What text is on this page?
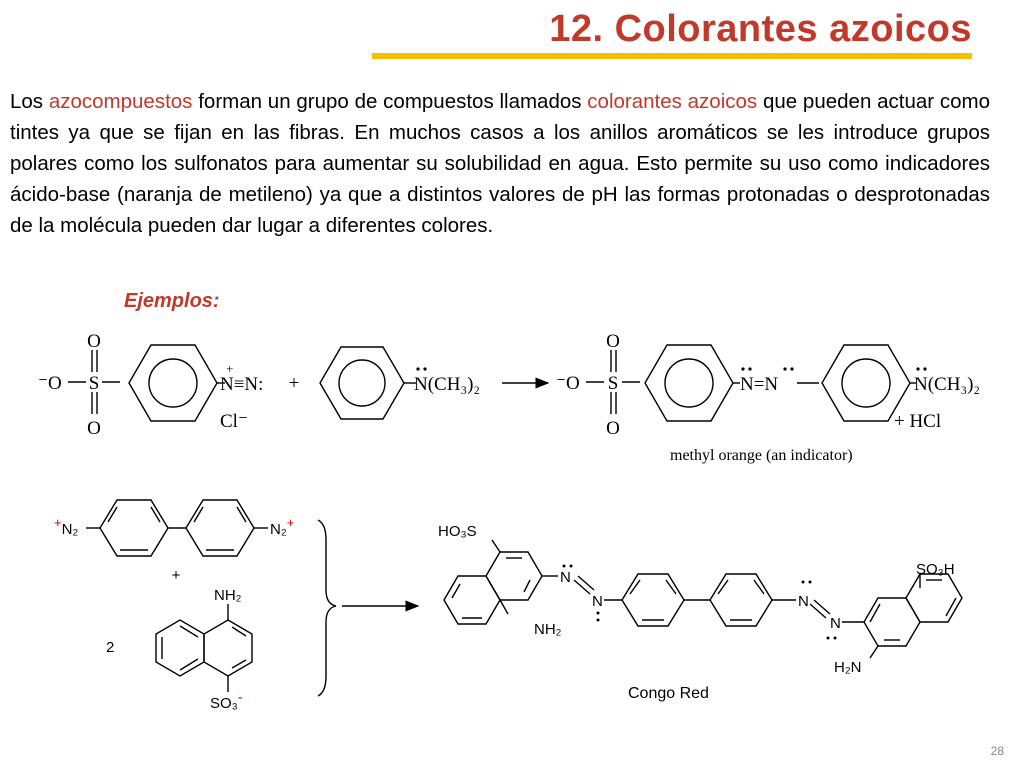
12. Colorantes azoicos
Los azocompuestos forman un grupo de compuestos llamados colorantes azoicos que pueden actuar como tintes ya que se fijan en las fibras. En muchos casos a los anillos aromáticos se les introduce grupos polares como los sulfonatos para aumentar su solubilidad en agua. Esto permite su uso como indicadores ácido-base (naranja de metileno) ya que a distintos valores de pH las formas protonadas o desprotonadas de la molécula pueden dar lugar a diferentes colores.
Ejemplos:
O
O
⁻O S
+
N≡N:
Cl⁻
+	N(CH₃)₂	⁻O S
O
O
N=N	N(CH₃)₂
+ HCl
methyl orange (an indicator)
+N₂	N₂+
+
NH₂
2
SO₃-
HO₃S
NH₂
N
N	N
N
SO₃H
H₂N
Congo Red
28
